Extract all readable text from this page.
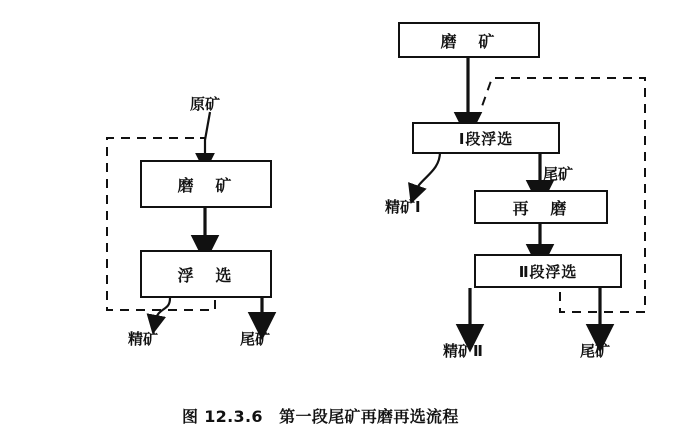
原矿
磨　矿
浮　选
精矿	尾矿
磨　矿
Ⅰ段浮选
再　磨
Ⅱ段浮选
精矿Ⅰ
尾矿
精矿Ⅱ	尾矿
图 12.3.6　第一段尾矿再磨再选流程
